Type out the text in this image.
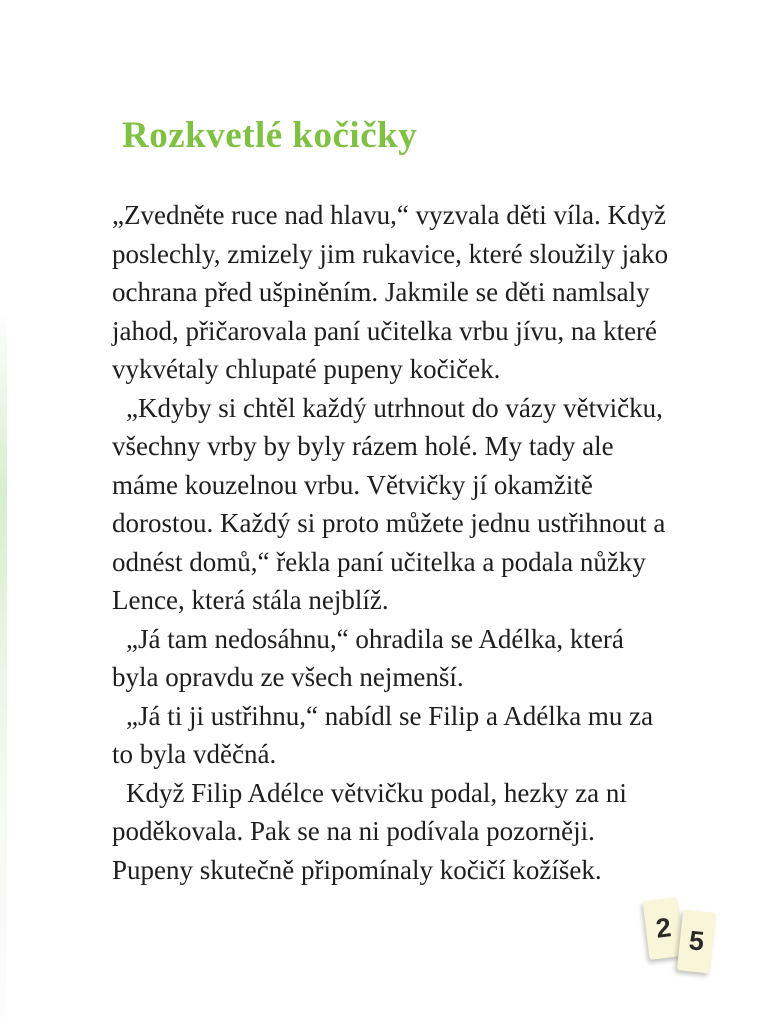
Rozkvetlé kočičky

„Zvedněte ruce nad hlavu,“ vyzvala děti víla. Když poslechly, zmizely jim rukavice, které sloužily jako ochrana před ušpiněním. Jakmile se děti namlsaly jahod, přičarovala paní učitelka vrbu jívu, na které vykvétaly chlupaté pupeny kočiček.

„Kdyby si chtěl každý utrhnout do vázy větvičku, všechny vrby by byly rázem holé. My tady ale máme kouzelnou vrbu. Větvičky jí okamžitě dorostou. Každý si proto můžete jednu ustřihnout a odnést domů,“ řekla paní učitelka a podala nůžky Lence, která stála nejblíž.

„Já tam nedosáhnu,“ ohradila se Adélka, která byla opravdu ze všech nejmenší.

„Já ti ji ustřihnu,“ nabídl se Filip a Adélka mu za to byla vděčná.

Když Filip Adélce větvičku podal, hezky za ni poděkovala. Pak se na ni podívala pozorněji. Pupeny skutečně připomínaly kočičí kožíšek.

2 5
